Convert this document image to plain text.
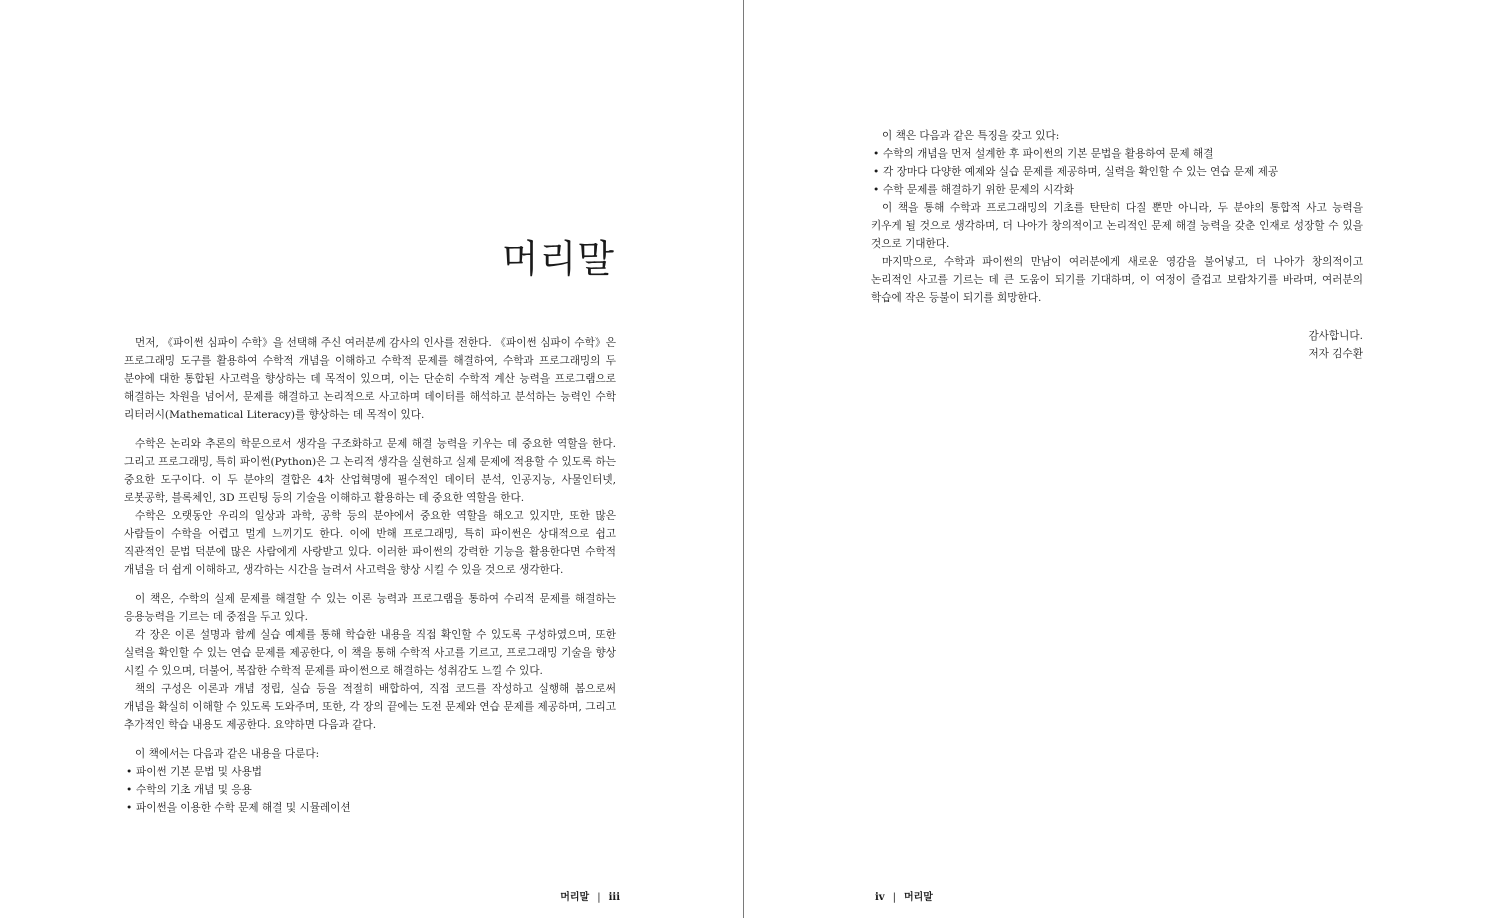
머리말

먼저, 《파이썬 심파이 수학》을 선택해 주신 여러분께 감사의 인사를 전한다. 《파이썬 심파이 수학》은 프로그래밍 도구를 활용하여 수학적 개념을 이해하고 수학적 문제를 해결하여, 수학과 프로그래밍의 두 분야에 대한 통합된 사고력을 향상하는 데 목적이 있으며, 이는 단순히 수학적 계산 능력을 프로그램으로 해결하는 차원을 넘어서, 문제를 해결하고 논리적으로 사고하며 데이터를 해석하고 분석하는 능력인 수학 리터러시(Mathematical Literacy)를 향상하는 데 목적이 있다.

수학은 논리와 추론의 학문으로서 생각을 구조화하고 문제 해결 능력을 키우는 데 중요한 역할을 한다. 그리고 프로그래밍, 특히 파이썬(Python)은 그 논리적 생각을 실현하고 실제 문제에 적용할 수 있도록 하는 중요한 도구이다. 이 두 분야의 결합은 4차 산업혁명에 필수적인 데이터 분석, 인공지능, 사물인터넷, 로봇공학, 블록체인, 3D 프린팅 등의 기술을 이해하고 활용하는 데 중요한 역할을 한다.

수학은 오랫동안 우리의 일상과 과학, 공학 등의 분야에서 중요한 역할을 해오고 있지만, 또한 많은 사람들이 수학을 어렵고 멀게 느끼기도 한다. 이에 반해 프로그래밍, 특히 파이썬은 상대적으로 쉽고 직관적인 문법 덕분에 많은 사람에게 사랑받고 있다. 이러한 파이썬의 강력한 기능을 활용한다면 수학적 개념을 더 쉽게 이해하고, 생각하는 시간을 늘려서 사고력을 향상 시킬 수 있을 것으로 생각한다.

이 책은, 수학의 실제 문제를 해결할 수 있는 이론 능력과 프로그램을 통하여 수리적 문제를 해결하는 응용능력을 기르는 데 중점을 두고 있다.

각 장은 이론 설명과 함께 실습 예제를 통해 학습한 내용을 직접 확인할 수 있도록 구성하였으며, 또한 실력을 확인할 수 있는 연습 문제를 제공한다, 이 책을 통해 수학적 사고를 기르고, 프로그래밍 기술을 향상 시킬 수 있으며, 더불어, 복잡한 수학적 문제를 파이썬으로 해결하는 성취감도 느낄 수 있다.

책의 구성은 이론과 개념 정립, 실습 등을 적절히 배합하여, 직접 코드를 작성하고 실행해 봄으로써 개념을 확실히 이해할 수 있도록 도와주며, 또한, 각 장의 끝에는 도전 문제와 연습 문제를 제공하며, 그리고 추가적인 학습 내용도 제공한다. 요약하면 다음과 같다.

이 책에서는 다음과 같은 내용을 다룬다:

• 파이썬 기본 문법 및 사용법
• 수학의 기초 개념 및 응용
• 파이썬을 이용한 수학 문제 해결 및 시뮬레이션
머리말 | iii

이 책은 다음과 같은 특징을 갖고 있다:

• 수학의 개념을 먼저 설계한 후 파이썬의 기본 문법을 활용하여 문제 해결
• 각 장마다 다양한 예제와 실습 문제를 제공하며, 실력을 확인할 수 있는 연습 문제 제공
• 수학 문제를 해결하기 위한 문제의 시각화

이 책을 통해 수학과 프로그래밍의 기초를 탄탄히 다질 뿐만 아니라, 두 분야의 통합적 사고 능력을 키우게 될 것으로 생각하며, 더 나아가 창의적이고 논리적인 문제 해결 능력을 갖춘 인재로 성장할 수 있을 것으로 기대한다.

마지막으로, 수학과 파이썬의 만남이 여러분에게 새로운 영감을 불어넣고, 더 나아가 창의적이고 논리적인 사고를 기르는 데 큰 도움이 되기를 기대하며, 이 여정이 즐겁고 보람차기를 바라며, 여러분의 학습에 작은 등불이 되기를 희망한다.

감사합니다.
저자 김수환
iv | 머리말
